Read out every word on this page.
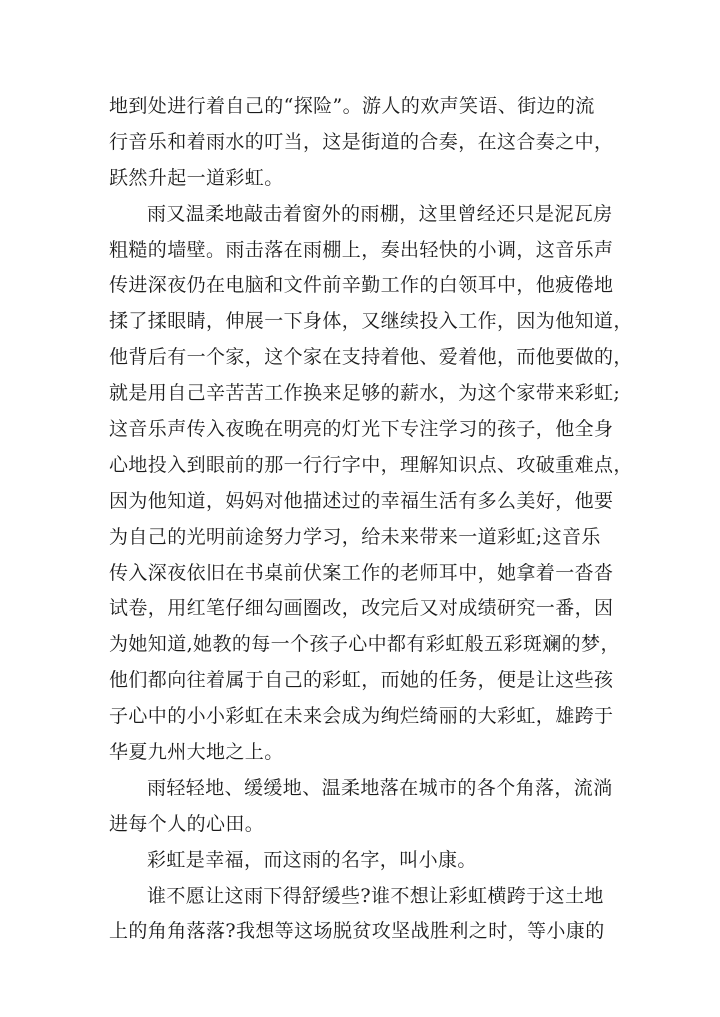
地到处进行着自己的“探险”。游人的欢声笑语、街边的流
行音乐和着雨水的叮当，这是街道的合奏，在这合奏之中，
跃然升起一道彩虹。
雨又温柔地敲击着窗外的雨棚，这里曾经还只是泥瓦房
粗糙的墙壁。雨击落在雨棚上，奏出轻快的小调，这音乐声
传进深夜仍在电脑和文件前辛勤工作的白领耳中，他疲倦地
揉了揉眼睛，伸展一下身体，又继续投入工作，因为他知道，
他背后有一个家，这个家在支持着他、爱着他，而他要做的，
就是用自己辛苦苦工作换来足够的薪水，为这个家带来彩虹;
这音乐声传入夜晚在明亮的灯光下专注学习的孩子，他全身
心地投入到眼前的那一行行字中，理解知识点、攻破重难点，
因为他知道，妈妈对他描述过的幸福生活有多么美好，他要
为自己的光明前途努力学习，给未来带来一道彩虹;这音乐
传入深夜依旧在书桌前伏案工作的老师耳中，她拿着一沓沓
试卷，用红笔仔细勾画圈改，改完后又对成绩研究一番，因
为她知道,她教的每一个孩子心中都有彩虹般五彩斑斓的梦，
他们都向往着属于自己的彩虹，而她的任务，便是让这些孩
子心中的小小彩虹在未来会成为绚烂绮丽的大彩虹，雄跨于
华夏九州大地之上。
雨轻轻地、缓缓地、温柔地落在城市的各个角落，流淌
进每个人的心田。
彩虹是幸福，而这雨的名字，叫小康。
谁不愿让这雨下得舒缓些?谁不想让彩虹横跨于这土地
上的角角落落?我想等这场脱贫攻坚战胜利之时，等小康的
